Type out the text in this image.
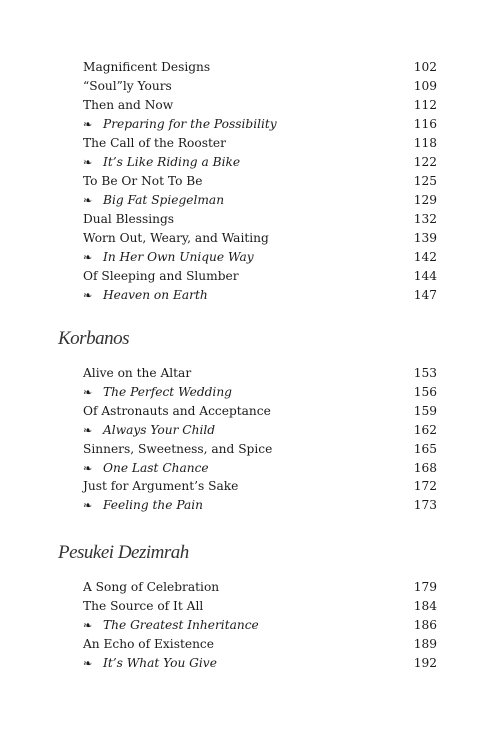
Magnificent Designs	102
“Soul”ly Yours	109
Then and Now	112
❧ Preparing for the Possibility	116
The Call of the Rooster	118
❧ It’s Like Riding a Bike	122
To Be Or Not To Be	125
❧ Big Fat Spiegelman	129
Dual Blessings	132
Worn Out, Weary, and Waiting	139
❧ In Her Own Unique Way	142
Of Sleeping and Slumber	144
❧ Heaven on Earth	147
Korbanos
Alive on the Altar	153
❧ The Perfect Wedding	156
Of Astronauts and Acceptance	159
❧ Always Your Child	162
Sinners, Sweetness, and Spice	165
❧ One Last Chance	168
Just for Argument’s Sake	172
❧ Feeling the Pain	173
Pesukei Dezimrah
A Song of Celebration	179
The Source of It All	184
❧ The Greatest Inheritance	186
An Echo of Existence	189
❧ It’s What You Give	192
